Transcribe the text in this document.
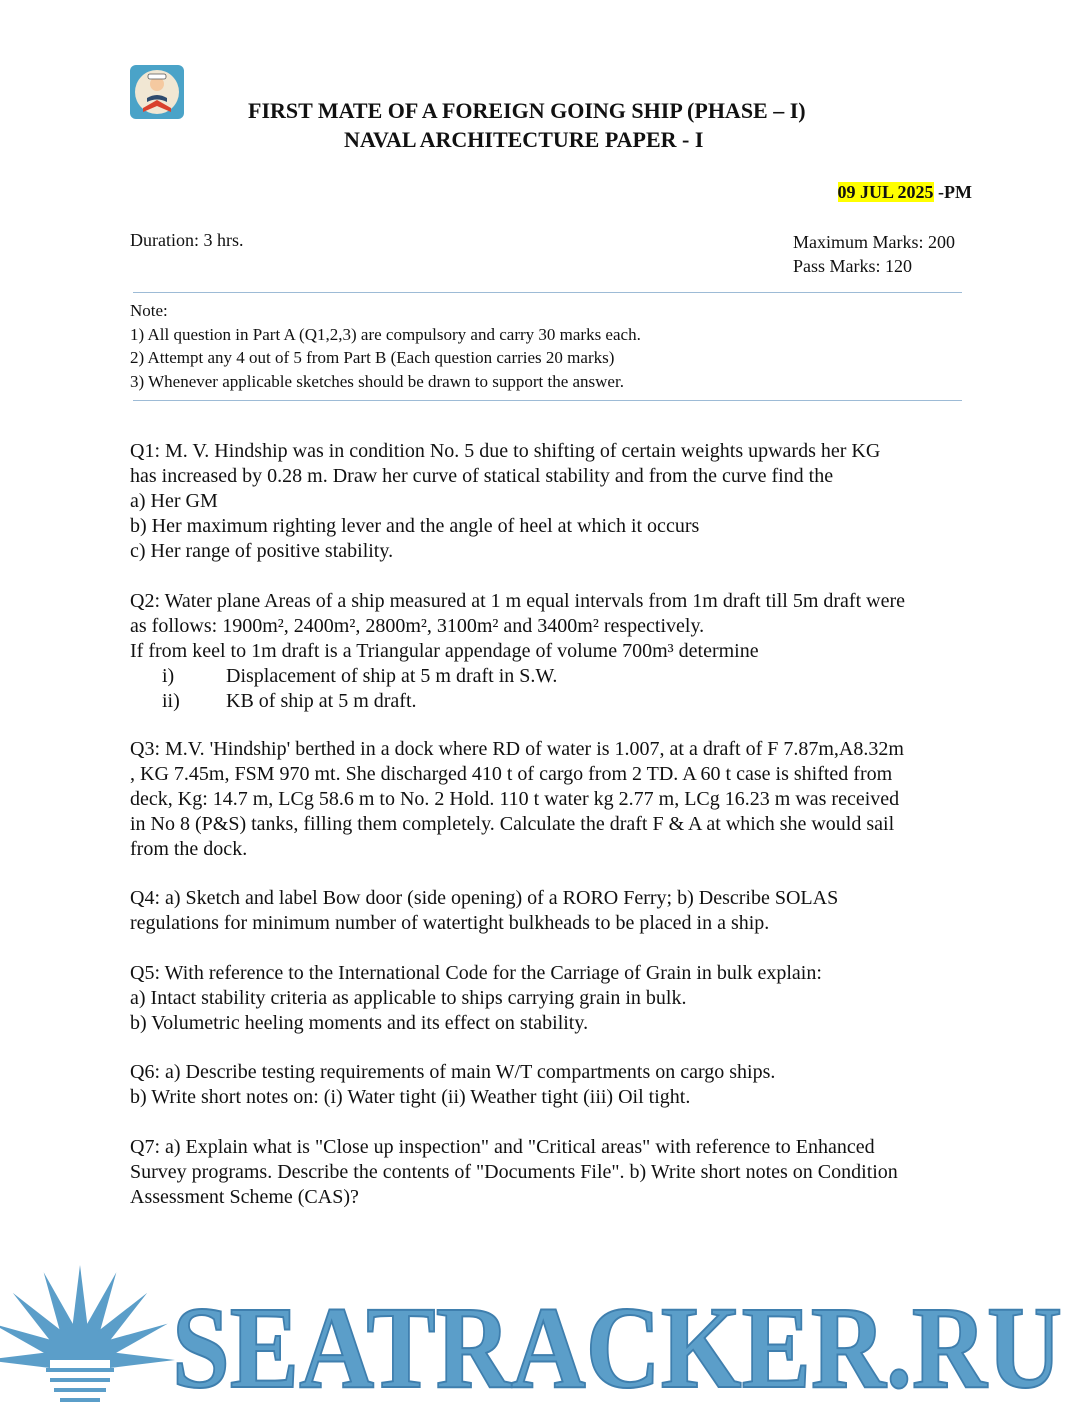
FIRST MATE OF A FOREIGN GOING SHIP (PHASE – I)
NAVAL ARCHITECTURE PAPER - I
09 JUL 2025 -PM
Duration: 3 hrs.	Maximum Marks: 200
Pass Marks: 120
Note:
1) All question in Part A (Q1,2,3) are compulsory and carry 30 marks each.
2) Attempt any 4 out of 5 from Part B (Each question carries 20 marks)
3) Whenever applicable sketches should be drawn to support the answer.

Q1: M. V. Hindship was in condition No. 5 due to shifting of certain weights upwards her KG

has increased by 0.28 m. Draw her curve of statical stability and from the curve find the

a) Her GM

b) Her maximum righting lever and the angle of heel at which it occurs

c) Her range of positive stability.

Q2: Water plane Areas of a ship measured at 1 m equal intervals from 1m draft till 5m draft were

as follows: 1900m², 2400m², 2800m², 3100m² and 3400m² respectively.

If from keel to 1m draft is a Triangular appendage of volume 700m³ determine

i)	Displacement of ship at 5 m draft in S.W.
ii)	KB of ship at 5 m draft.

Q3: M.V. 'Hindship' berthed in a dock where RD of water is 1.007, at a draft of F 7.87m,A8.32m

, KG 7.45m, FSM 970 mt. She discharged 410 t of cargo from 2 TD. A 60 t case is shifted from

deck, Kg: 14.7 m, LCg 58.6 m to No. 2 Hold. 110 t water kg 2.77 m, LCg 16.23 m was received

in No 8 (P&S) tanks, filling them completely. Calculate the draft F & A at which she would sail

from the dock.

Q4: a) Sketch and label Bow door (side opening) of a RORO Ferry; b) Describe SOLAS

regulations for minimum number of watertight bulkheads to be placed in a ship.

Q5: With reference to the International Code for the Carriage of Grain in bulk explain:

a) Intact stability criteria as applicable to ships carrying grain in bulk.

b) Volumetric heeling moments and its effect on stability.

Q6: a) Describe testing requirements of main W/T compartments on cargo ships.

b) Write short notes on: (i) Water tight (ii) Weather tight (iii) Oil tight.

Q7: a) Explain what is "Close up inspection" and "Critical areas" with reference to Enhanced

Survey programs. Describe the contents of "Documents File". b) Write short notes on Condition

Assessment Scheme (CAS)?

SEATRACKER.RU
